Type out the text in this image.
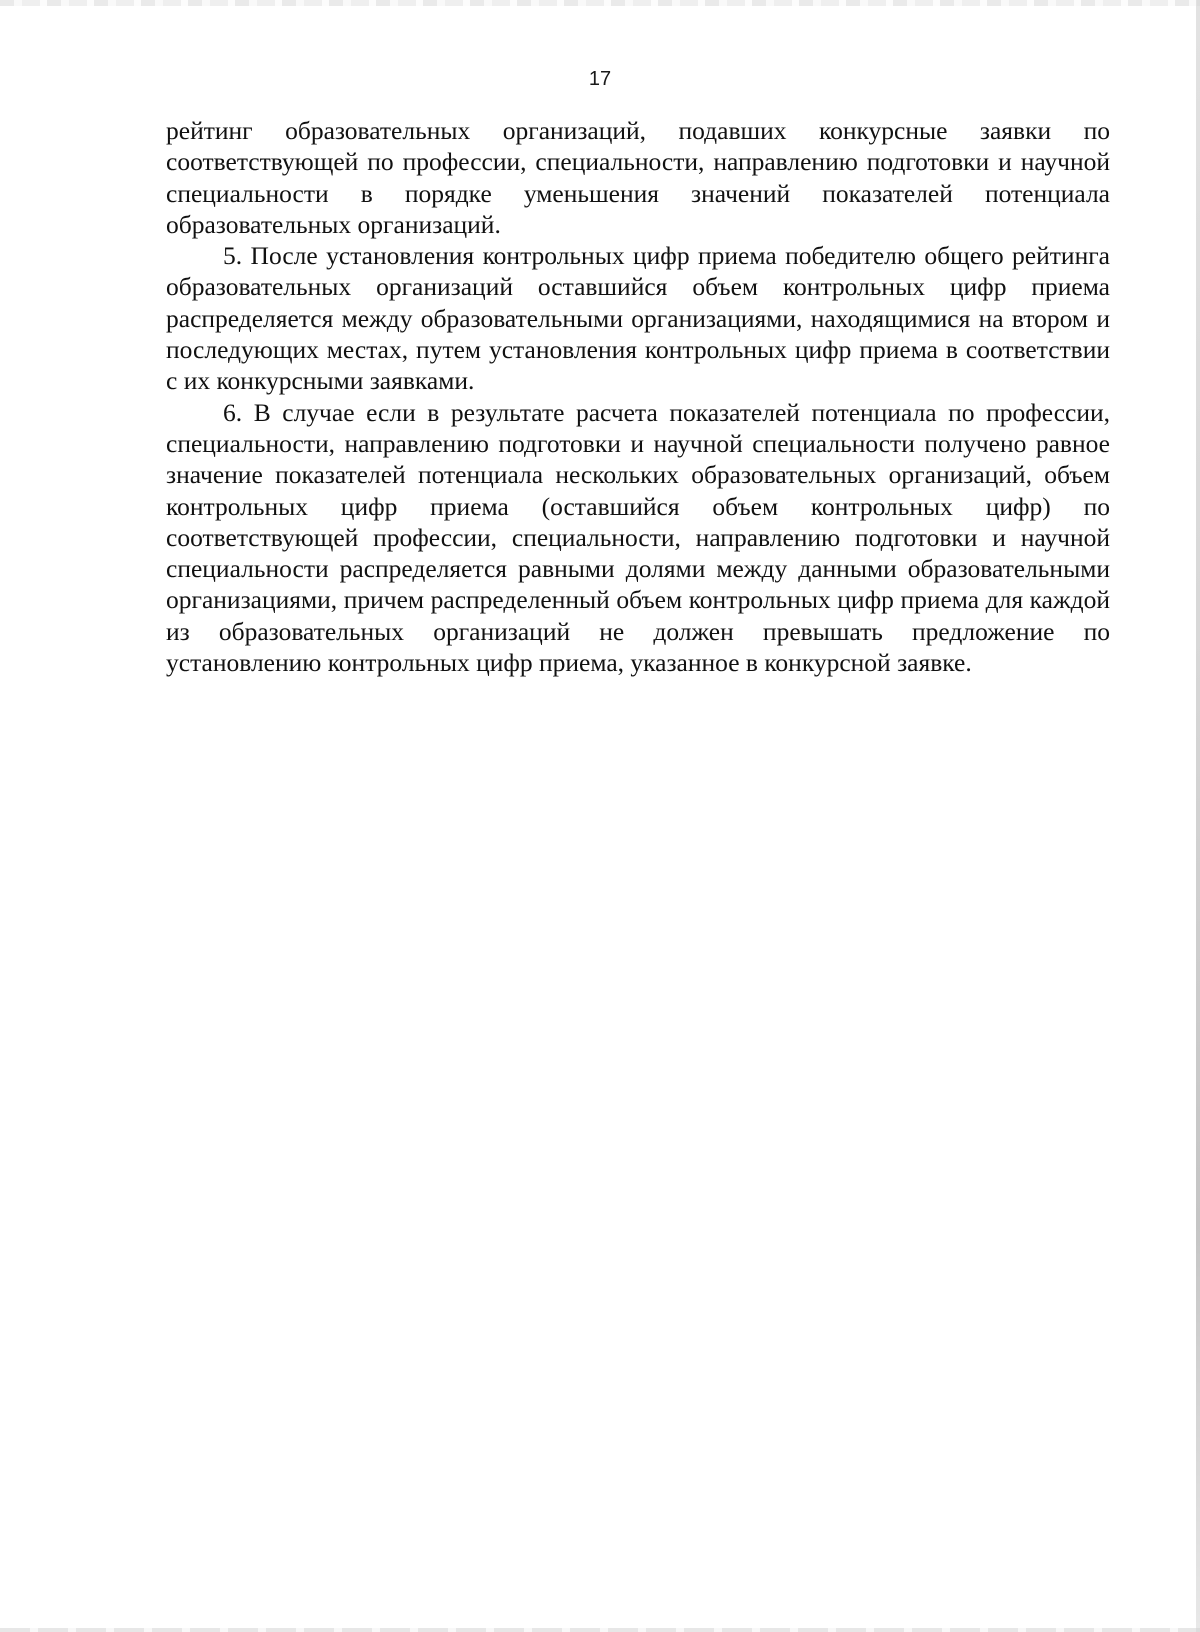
17

рейтинг образовательных организаций, подавших конкурсные заявки по соответствующей по профессии, специальности, направлению подготовки и научной специальности в порядке уменьшения значений показателей потенциала образовательных организаций.

5. После установления контрольных цифр приема победителю общего рейтинга образовательных организаций оставшийся объем контрольных цифр приема распределяется между образовательными организациями, находящимися на втором и последующих местах, путем установления контрольных цифр приема в соответствии с их конкурсными заявками.

6. В случае если в результате расчета показателей потенциала по профессии, специальности, направлению подготовки и научной специальности получено равное значение показателей потенциала нескольких образовательных организаций, объем контрольных цифр приема (оставшийся объем контрольных цифр) по соответствующей профессии, специальности, направлению подготовки и научной специальности распределяется равными долями между данными образовательными организациями, причем распределенный объем контрольных цифр приема для каждой из образовательных организаций не должен превышать предложение по установлению контрольных цифр приема, указанное в конкурсной заявке.
